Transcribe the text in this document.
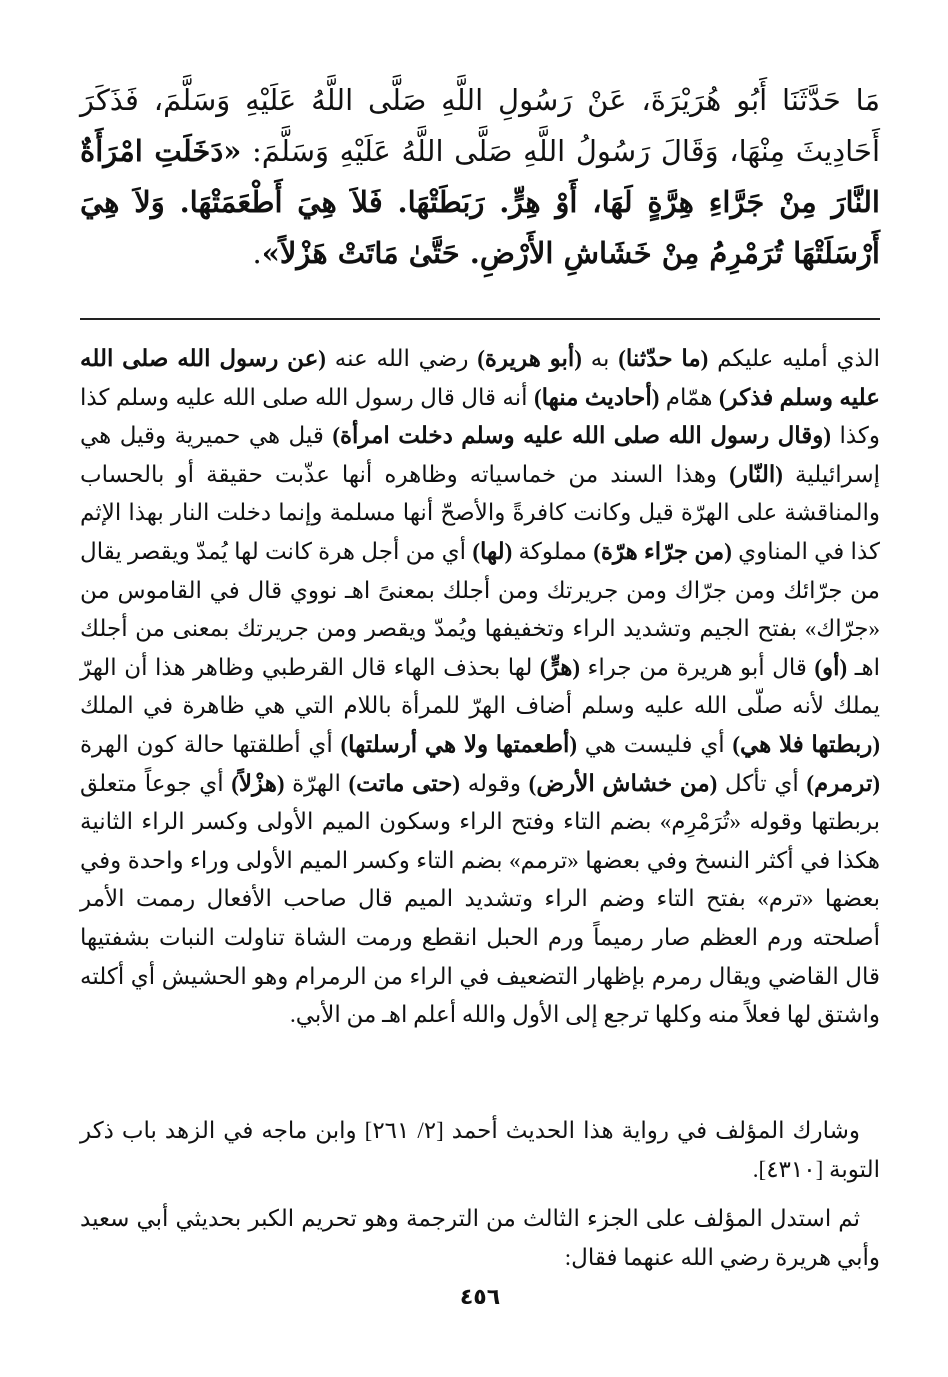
مَا حَدَّثَنَا أَبُو هُرَيْرَةَ، عَنْ رَسُولِ اللَّهِ صَلَّى اللَّهُ عَلَيْهِ وَسَلَّمَ، فَذَكَرَ أَحَادِيثَ مِنْهَا، وَقَالَ رَسُولُ اللَّهِ صَلَّى اللَّهُ عَلَيْهِ وَسَلَّمَ: «دَخَلَتِ امْرَأَةٌ النَّارَ مِنْ جَرَّاءِ هِرَّةٍ لَهَا، أَوْ هِرٍّ. رَبَطَتْهَا. فَلاَ هِيَ أَطْعَمَتْهَا. وَلاَ هِيَ أَرْسَلَتْهَا تُرَمْرِمُ مِنْ خَشَاشِ الأَرْضِ. حَتَّىٰ مَاتَتْ هَزْلاً».

الذي أمليه عليكم (ما حدّثنا) به (أبو هريرة) رضي الله عنه (عن رسول الله صلى الله عليه وسلم فذكر) همّام (أحاديث منها) أنه قال قال رسول الله صلى الله عليه وسلم كذا وكذا (وقال رسول الله صلى الله عليه وسلم دخلت امرأة) قيل هي حميرية وقيل هي إسرائيلية (النّار) وهذا السند من خماسياته وظاهره أنها عذّبت حقيقة أو بالحساب والمناقشة على الهرّة قيل وكانت كافرةً والأصحّ أنها مسلمة وإنما دخلت النار بهذا الإثم كذا في المناوي (من جرّاء هرّة) مملوكة (لها) أي من أجل هرة كانت لها يُمدّ ويقصر يقال من جرّائك ومن جرّاك ومن جريرتك ومن أجلك بمعنىً اهـ نووي قال في القاموس من «جرّاك» بفتح الجيم وتشديد الراء وتخفيفها ويُمدّ ويقصر ومن جريرتك بمعنى من أجلك اهـ (أو) قال أبو هريرة من جراء (هرٍّ) لها بحذف الهاء قال القرطبي وظاهر هذا أن الهرّ يملك لأنه صلّى الله عليه وسلم أضاف الهرّ للمرأة باللام التي هي ظاهرة في الملك (ربطتها فلا هي) أي فليست هي (أطعمتها ولا هي أرسلتها) أي أطلقتها حالة كون الهرة (ترمرم) أي تأكل (من خشاش الأرض) وقوله (حتى ماتت) الهرّة (هزْلاً) أي جوعاً متعلق بربطتها وقوله «تُرَمْرِم» بضم التاء وفتح الراء وسكون الميم الأولى وكسر الراء الثانية هكذا في أكثر النسخ وفي بعضها «ترمم» بضم التاء وكسر الميم الأولى وراء واحدة وفي بعضها «ترم» بفتح التاء وضم الراء وتشديد الميم قال صاحب الأفعال رممت الأمر أصلحته ورم العظم صار رميماً ورم الحبل انقطع ورمت الشاة تناولت النبات بشفتيها قال القاضي ويقال رمرم بإظهار التضعيف في الراء من الرمرام وهو الحشيش أي أكلته واشتق لها فعلاً منه وكلها ترجع إلى الأول والله أعلم اهـ من الأبي.

وشارك المؤلف في رواية هذا الحديث أحمد [٢/ ٢٦١] وابن ماجه في الزهد باب ذكر التوبة [٤٣١٠].

ثم استدل المؤلف على الجزء الثالث من الترجمة وهو تحريم الكبر بحديثي أبي سعيد وأبي هريرة رضي الله عنهما فقال:

٤٥٦
